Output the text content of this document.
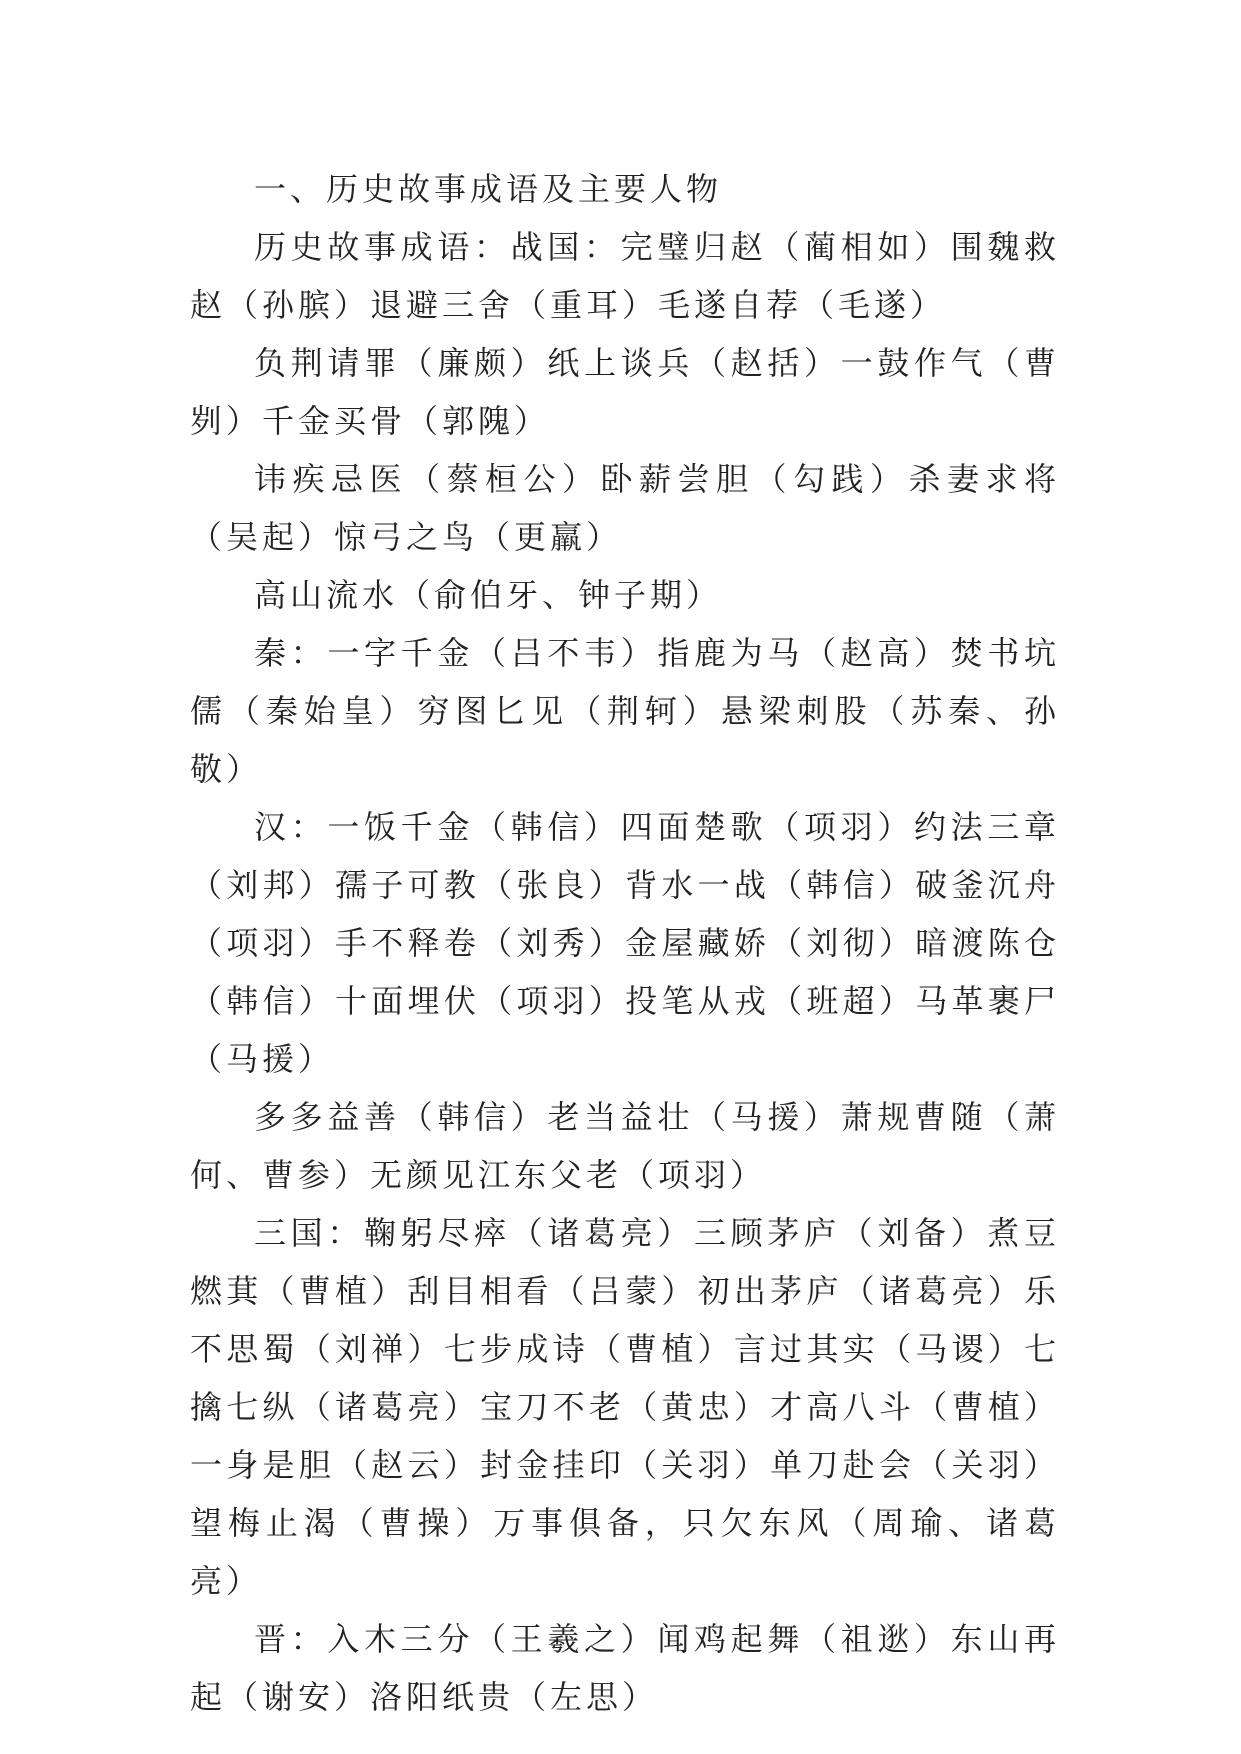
一、历史故事成语及主要人物

历史故事成语：战国：完璧归赵（蔺相如）围魏救赵（孙膑）退避三舍（重耳）毛遂自荐（毛遂）

负荆请罪（廉颇）纸上谈兵（赵括）一鼓作气（曹刿）千金买骨（郭隗）

讳疾忌医（蔡桓公）卧薪尝胆（勾践）杀妻求将（吴起）惊弓之鸟（更羸）

高山流水（俞伯牙、钟子期）

秦：一字千金（吕不韦）指鹿为马（赵高）焚书坑儒（秦始皇）穷图匕见（荆轲）悬梁刺股（苏秦、孙敬）

汉：一饭千金（韩信）四面楚歌（项羽）约法三章（刘邦）孺子可教（张良）背水一战（韩信）破釜沉舟（项羽）手不释卷（刘秀）金屋藏娇（刘彻）暗渡陈仓（韩信）十面埋伏（项羽）投笔从戎（班超）马革裹尸（马援）

多多益善（韩信）老当益壮（马援）萧规曹随（萧何、曹参）无颜见江东父老（项羽）

三国：鞠躬尽瘁（诸葛亮）三顾茅庐（刘备）煮豆燃萁（曹植）刮目相看（吕蒙）初出茅庐（诸葛亮）乐不思蜀（刘禅）七步成诗（曹植）言过其实（马谡）七擒七纵（诸葛亮）宝刀不老（黄忠）才高八斗（曹植）一身是胆（赵云）封金挂印（关羽）单刀赴会（关羽）望梅止渴（曹操）万事俱备，只欠东风（周瑜、诸葛亮）

晋：入木三分（王羲之）闻鸡起舞（祖逖）东山再起（谢安）洛阳纸贵（左思）
